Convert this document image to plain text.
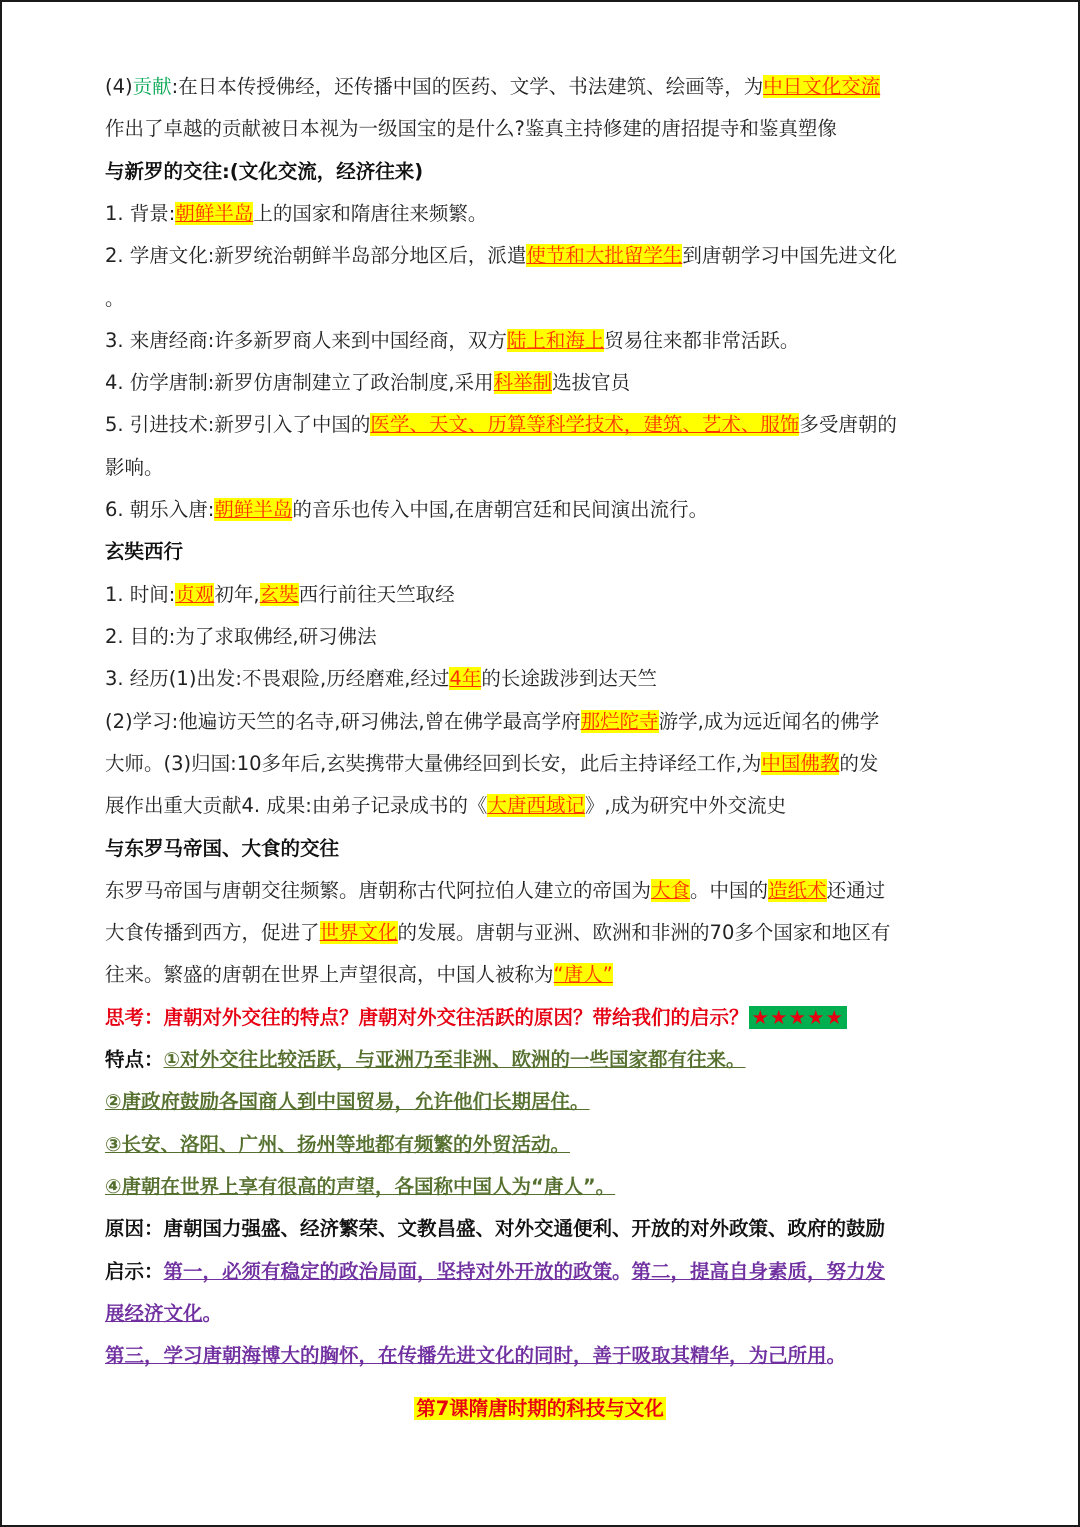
(4)贡献:在日本传授佛经，还传播中国的医药、文学、书法建筑、绘画等，为中日文化交流
作出了卓越的贡献被日本视为一级国宝的是什么?鉴真主持修建的唐招提寺和鉴真塑像
与新罗的交往:(文化交流，经济往来)
1. 背景:朝鲜半岛上的国家和隋唐往来频繁。
2. 学唐文化:新罗统治朝鲜半岛部分地区后，派遣使节和大批留学生到唐朝学习中国先进文化
。
3. 来唐经商:许多新罗商人来到中国经商，双方陆上和海上贸易往来都非常活跃。
4. 仿学唐制:新罗仿唐制建立了政治制度,采用科举制选拔官员
5. 引进技术:新罗引入了中国的医学、天文、历算等科学技术，建筑、艺术、服饰多受唐朝的
影响。
6. 朝乐入唐:朝鲜半岛的音乐也传入中国,在唐朝宫廷和民间演出流行。
玄奘西行
1. 时间:贞观初年,玄奘西行前往天竺取经
2. 目的:为了求取佛经,研习佛法
3. 经历(1)出发:不畏艰险,历经磨难,经过4年的长途跋涉到达天竺
(2)学习:他遍访天竺的名寺,研习佛法,曾在佛学最高学府那烂陀寺游学,成为远近闻名的佛学
大师。(3)归国:10多年后,玄奘携带大量佛经回到长安，此后主持译经工作,为中国佛教的发
展作出重大贡献4. 成果:由弟子记录成书的《大唐西域记》,成为研究中外交流史
与东罗马帝国、大食的交往
东罗马帝国与唐朝交往频繁。唐朝称古代阿拉伯人建立的帝国为大食。中国的造纸术还通过
大食传播到西方，促进了世界文化的发展。唐朝与亚洲、欧洲和非洲的70多个国家和地区有
往来。繁盛的唐朝在世界上声望很高，中国人被称为“唐人”
思考：唐朝对外交往的特点？唐朝对外交往活跃的原因？带给我们的启示？ ★★★★★
特点：①对外交往比较活跃，与亚洲乃至非洲、欧洲的一些国家都有往来。
②唐政府鼓励各国商人到中国贸易，允许他们长期居住。
③长安、洛阳、广州、扬州等地都有频繁的外贸活动。
④唐朝在世界上享有很高的声望，各国称中国人为“唐人”。
原因：唐朝国力强盛、经济繁荣、文教昌盛、对外交通便利、开放的对外政策、政府的鼓励
启示：第一，必须有稳定的政治局面，坚持对外开放的政策。第二，提高自身素质，努力发
展经济文化。
第三，学习唐朝海博大的胸怀，在传播先进文化的同时，善于吸取其精华，为己所用。
第7课隋唐时期的科技与文化
